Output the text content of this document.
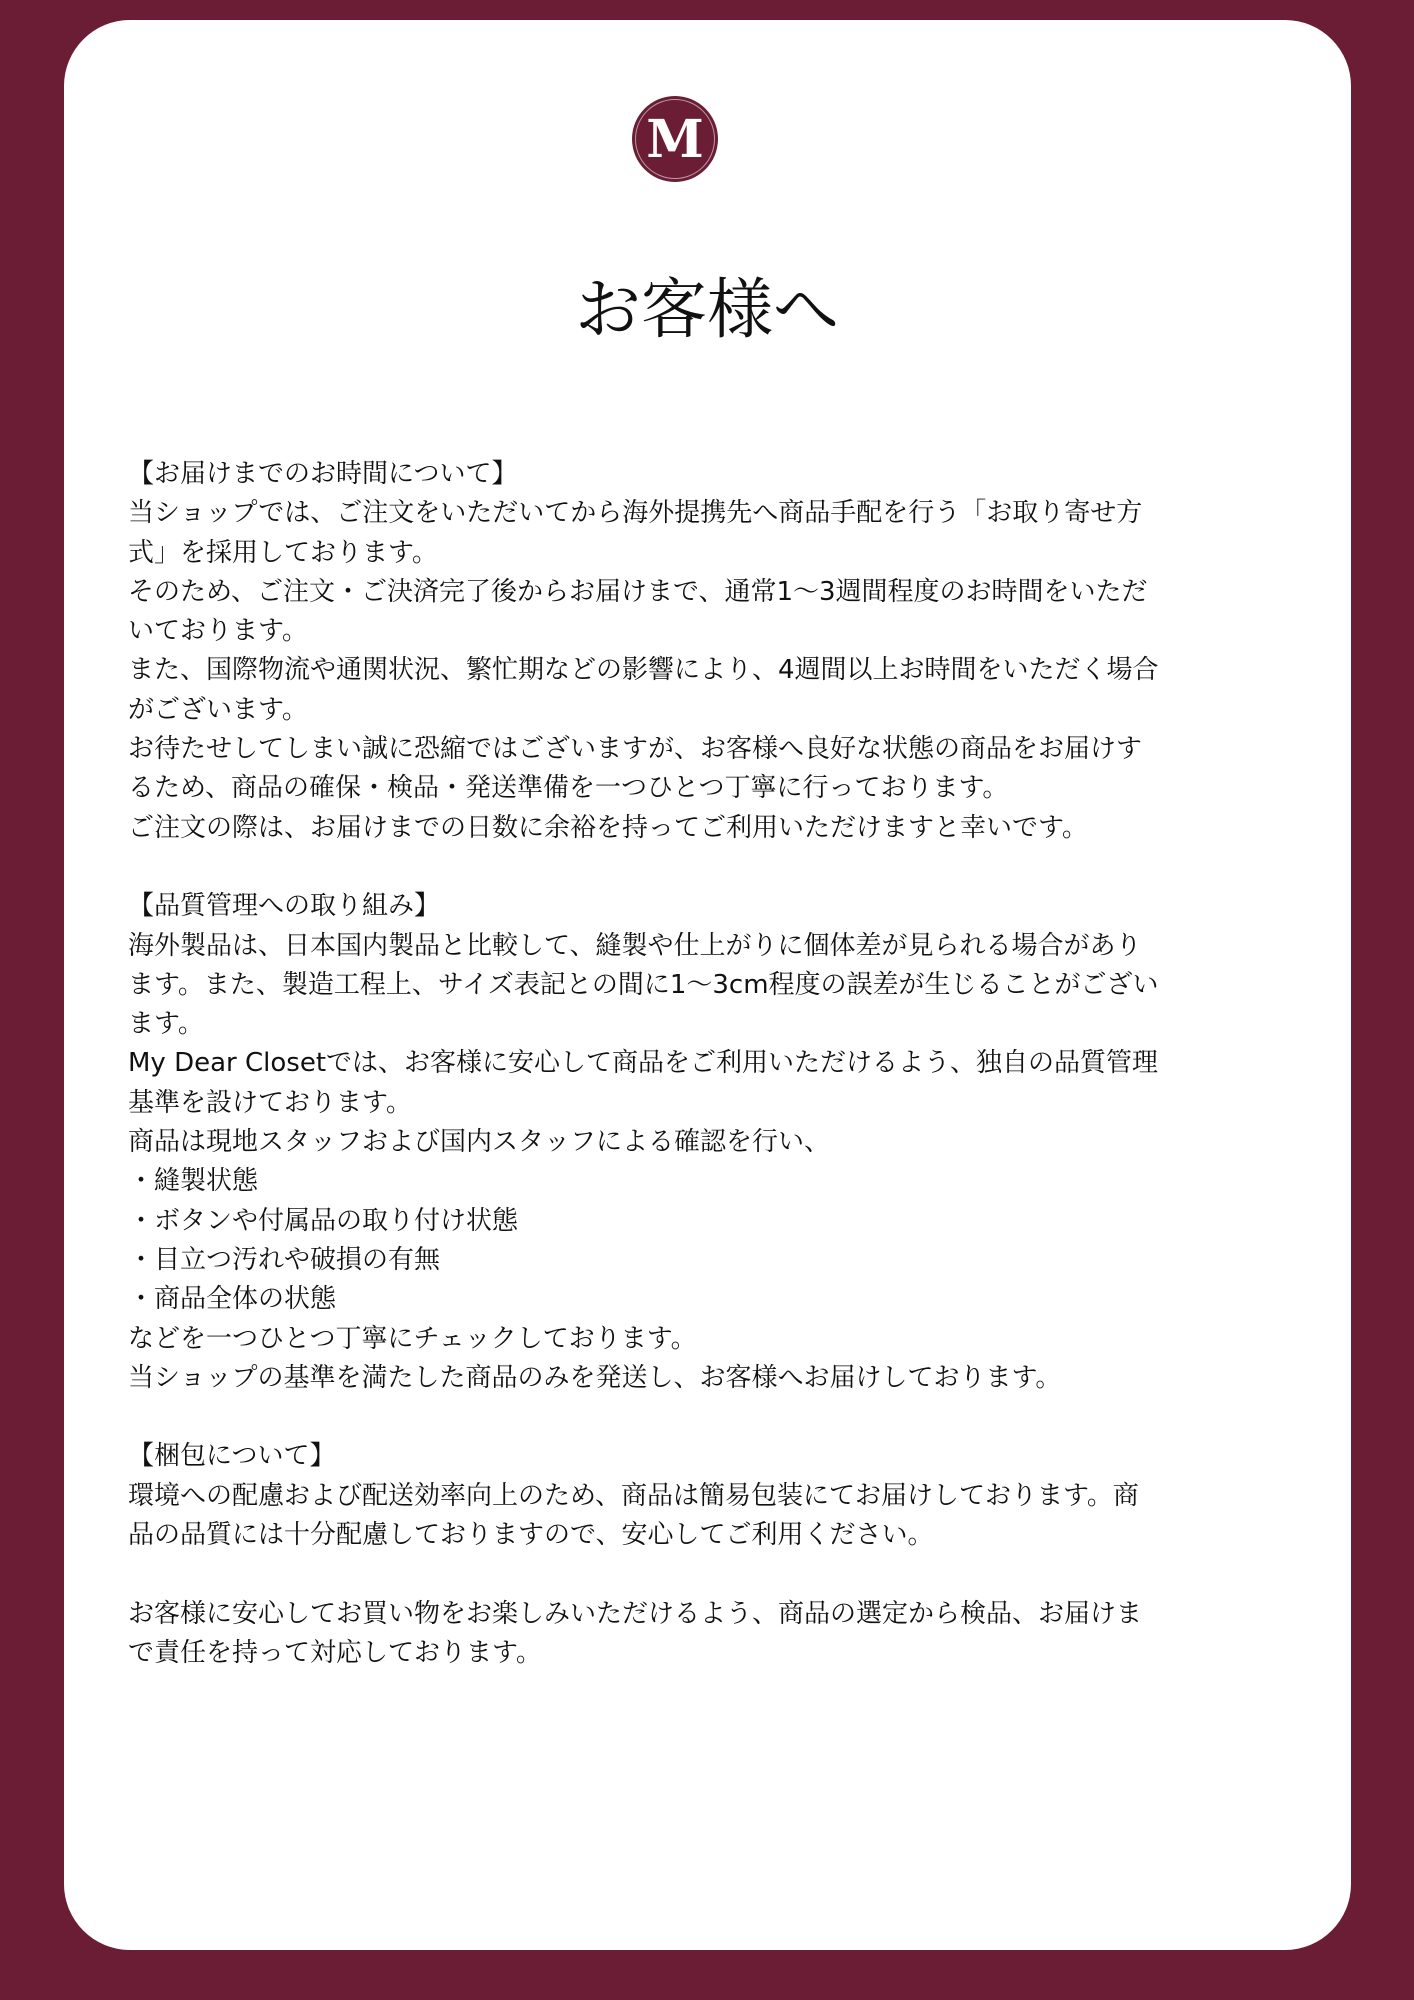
M
お客様へ
【お届けまでのお時間について】
当ショップでは、ご注文をいただいてから海外提携先へ商品手配を行う「お取り寄せ方
式」を採用しております。
そのため、ご注文・ご決済完了後からお届けまで、通常1〜3週間程度のお時間をいただ
いております。
また、国際物流や通関状況、繁忙期などの影響により、4週間以上お時間をいただく場合
がございます。
お待たせしてしまい誠に恐縮ではございますが、お客様へ良好な状態の商品をお届けす
るため、商品の確保・検品・発送準備を一つひとつ丁寧に行っております。
ご注文の際は、お届けまでの日数に余裕を持ってご利用いただけますと幸いです。
【品質管理への取り組み】
海外製品は、日本国内製品と比較して、縫製や仕上がりに個体差が見られる場合があり
ます。また、製造工程上、サイズ表記との間に1〜3cm程度の誤差が生じることがござい
ます。
My Dear Closetでは、お客様に安心して商品をご利用いただけるよう、独自の品質管理
基準を設けております。
商品は現地スタッフおよび国内スタッフによる確認を行い、
・縫製状態
・ボタンや付属品の取り付け状態
・目立つ汚れや破損の有無
・商品全体の状態
などを一つひとつ丁寧にチェックしております。
当ショップの基準を満たした商品のみを発送し、お客様へお届けしております。
【梱包について】
環境への配慮および配送効率向上のため、商品は簡易包装にてお届けしております。商
品の品質には十分配慮しておりますので、安心してご利用ください。
お客様に安心してお買い物をお楽しみいただけるよう、商品の選定から検品、お届けま
で責任を持って対応しております。
